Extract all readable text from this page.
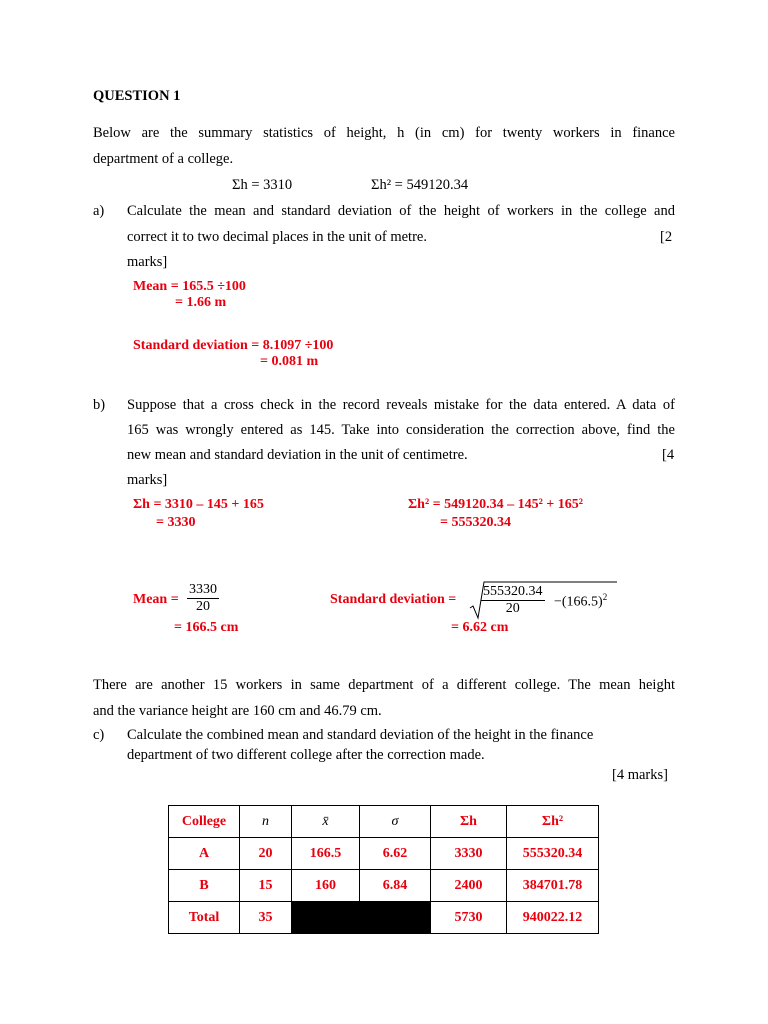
QUESTION 1
Below are the summary statistics of height, h (in cm) for twenty workers in finance
department of a college.
Σh = 3310	Σh² = 549120.34
a) Calculate the mean and standard deviation of the height of workers in the college and
correct it to two decimal places in the unit of metre.	[2
marks]
Mean = 165.5 ÷100
= 1.66 m
Standard deviation = 8.1097 ÷100
= 0.081 m
b) Suppose that a cross check in the record reveals mistake for the data entered. A data of
165 was wrongly entered as 145. Take into consideration the correction above, find the
new mean and standard deviation in the unit of centimetre.	[4
marks]
Σh = 3310 – 145 + 165
= 3330
Σh² = 549120.34 – 145² + 165²
= 555320.34
Mean = $\frac{3330}{20}$
= 166.5 cm
Standard deviation = $\frac{555320.34}{20} -(166.5)^2$
= 6.62 cm
There are another 15 workers in same department of a different college. The mean height
and the variance height are 160 cm and 46.79 cm.
c) Calculate the combined mean and standard deviation of the height in the finance
department of two different college after the correction made.
[4 marks]
College	n	x̄	σ	Σh	Σh²
A	20	166.5	6.62	3330	555320.34
B	15	160	6.84	2400	384701.78
Total	35			5730	940022.12
